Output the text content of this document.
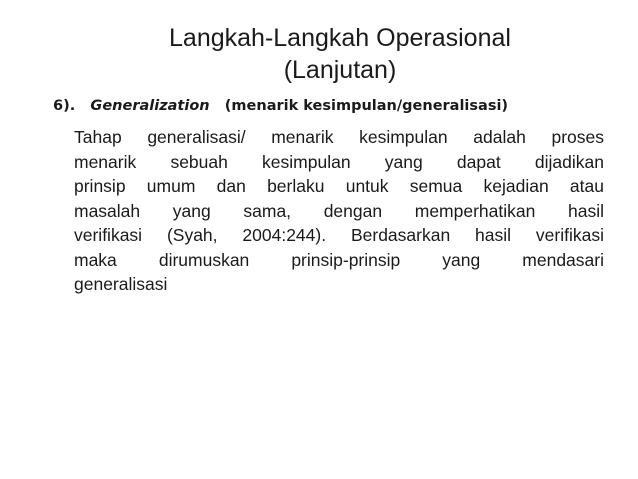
Langkah-Langkah Operasional
(Lanjutan)
6). Generalization (menarik kesimpulan/generalisasi)
Tahap generalisasi/ menarik kesimpulan adalah proses
menarik sebuah kesimpulan yang dapat dijadikan
prinsip umum dan berlaku untuk semua kejadian atau
masalah yang sama, dengan memperhatikan hasil
verifikasi (Syah, 2004:244). Berdasarkan hasil verifikasi
maka dirumuskan prinsip-prinsip yang mendasari
generalisasi
